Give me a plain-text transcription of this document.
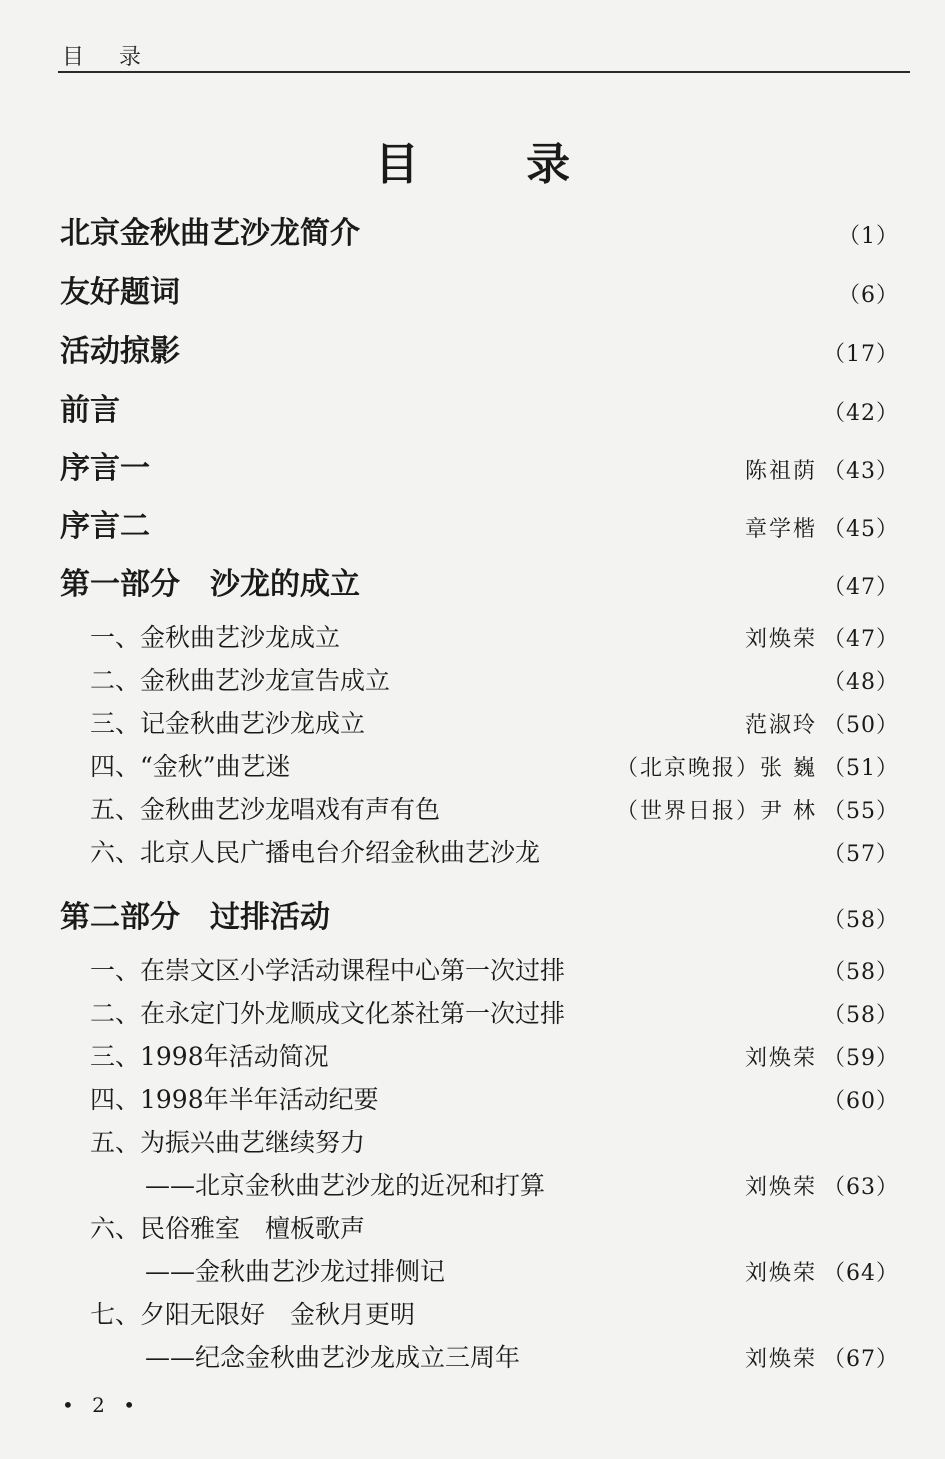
目 录
目 录
北京金秋曲艺沙龙简介	（1）
友好题词	（6）
活动掠影	（17）
前言	（42）
序言一	陈祖荫 （43）
序言二	章学楷 （45）
第一部分　沙龙的成立	（47）
一、金秋曲艺沙龙成立	刘焕荣 （47）
二、金秋曲艺沙龙宣告成立	（48）
三、记金秋曲艺沙龙成立	范淑玲 （50）
四、“金秋”曲艺迷	（北京晚报）张 巍 （51）
五、金秋曲艺沙龙唱戏有声有色	（世界日报）尹 林 （55）
六、北京人民广播电台介绍金秋曲艺沙龙	（57）
第二部分　过排活动	（58）
一、在崇文区小学活动课程中心第一次过排	（58）
二、在永定门外龙顺成文化茶社第一次过排	（58）
三、1998年活动简况	刘焕荣 （59）
四、1998年半年活动纪要	（60）
五、为振兴曲艺继续努力
——北京金秋曲艺沙龙的近况和打算	刘焕荣 （63）
六、民俗雅室　檀板歌声
——金秋曲艺沙龙过排侧记	刘焕荣 （64）
七、夕阳无限好　金秋月更明
——纪念金秋曲艺沙龙成立三周年	刘焕荣 （67）
• 2 •
